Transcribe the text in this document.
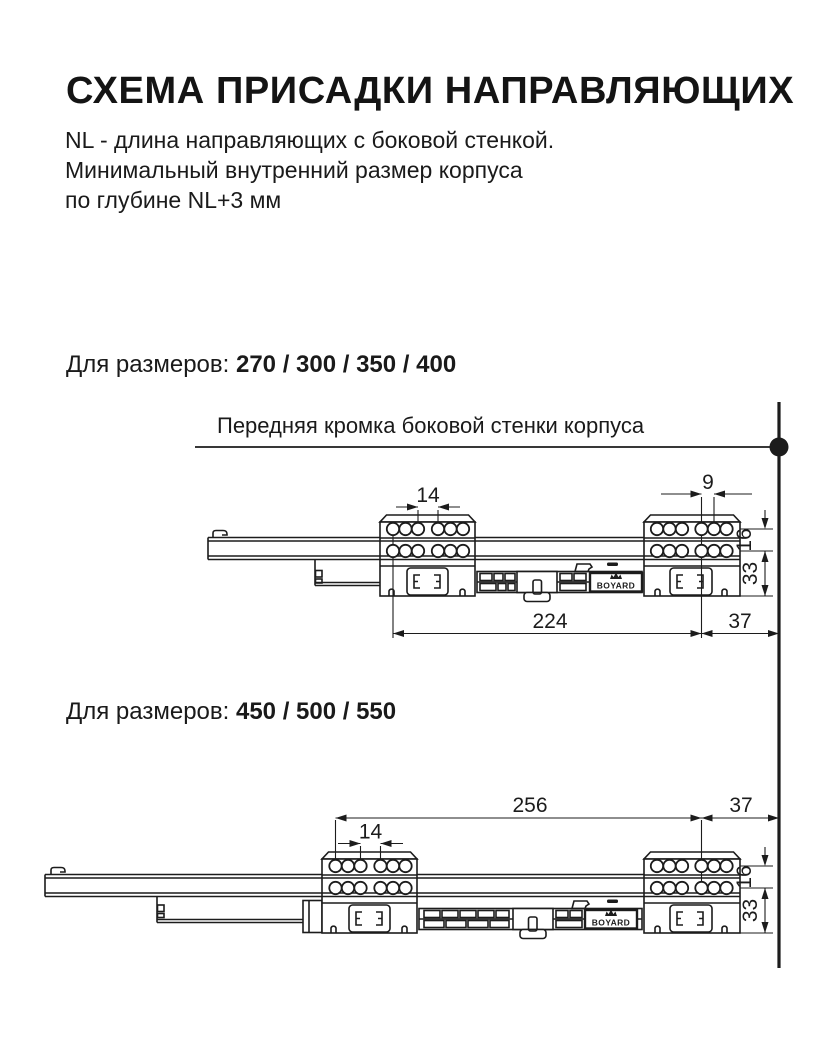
СХЕМА ПРИСАДКИ НАПРАВЛЯЮЩИХ
NL - длина направляющих с боковой стенкой.
Минимальный внутренний размер корпуса
по глубине NL+3 мм
Для размеров: 270 / 300 / 350 / 400
Для размеров: 450 / 500 / 550
Передняя кромка боковой стенки корпуса
BOYARD
14
9
16
33
224	37
BOYARD
256	37
14
16
33
